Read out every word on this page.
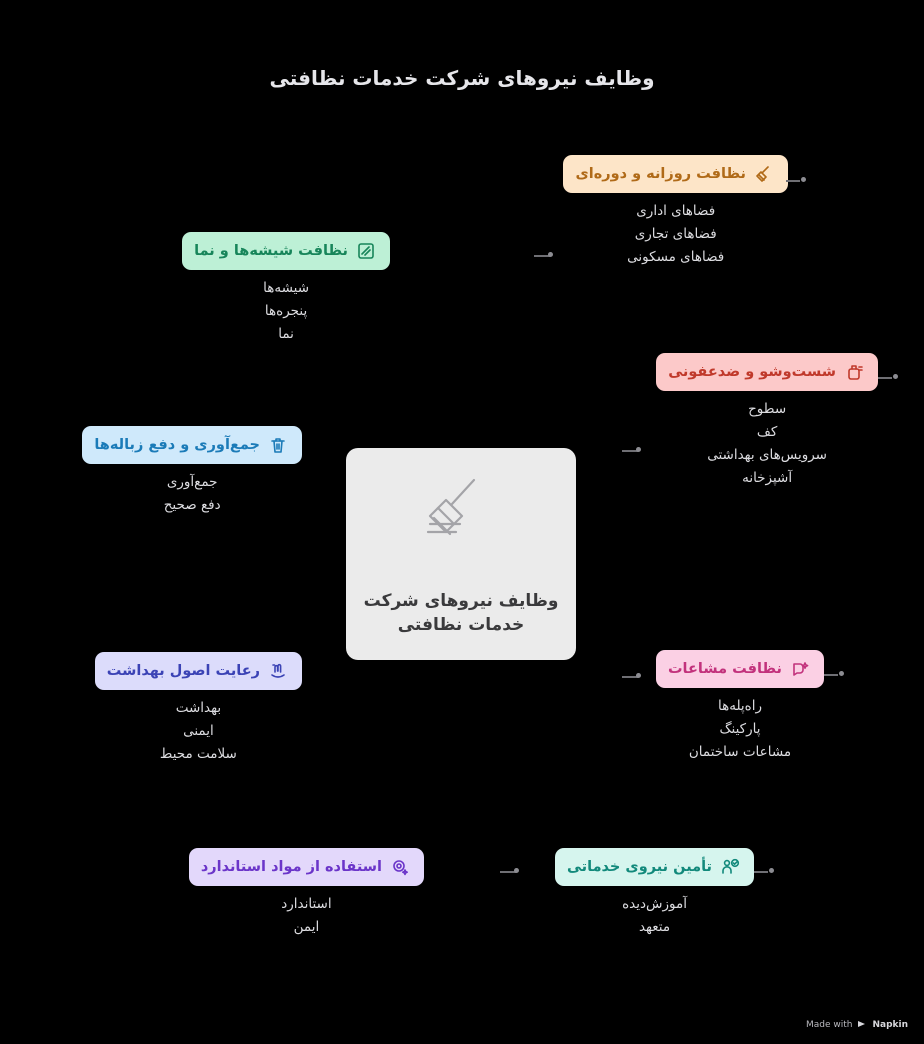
وظایف نیروهای شرکت خدمات نظافتی
وظایف نیروهای شرکت خدمات نظافتی
نظافت روزانه و دوره‌ای
فضاهای اداری
فضاهای تجاری
فضاهای مسکونی
نظافت شیشه‌ها و نما
شیشه‌ها
پنجره‌ها
نما
شست‌وشو و ضدعفونی
سطوح
کف
سرویس‌های بهداشتی
آشپزخانه
جمع‌آوری و دفع زباله‌ها
جمع‌آوری
دفع صحیح
رعایت اصول بهداشت
بهداشت
ایمنی
سلامت محیط
نظافت مشاعات
راه‌پله‌ها
پارکینگ
مشاعات ساختمان
استفاده از مواد استاندارد
استاندارد
ایمن
تأمین نیروی خدماتی
آموزش‌دیده
متعهد
Made with Napkin
